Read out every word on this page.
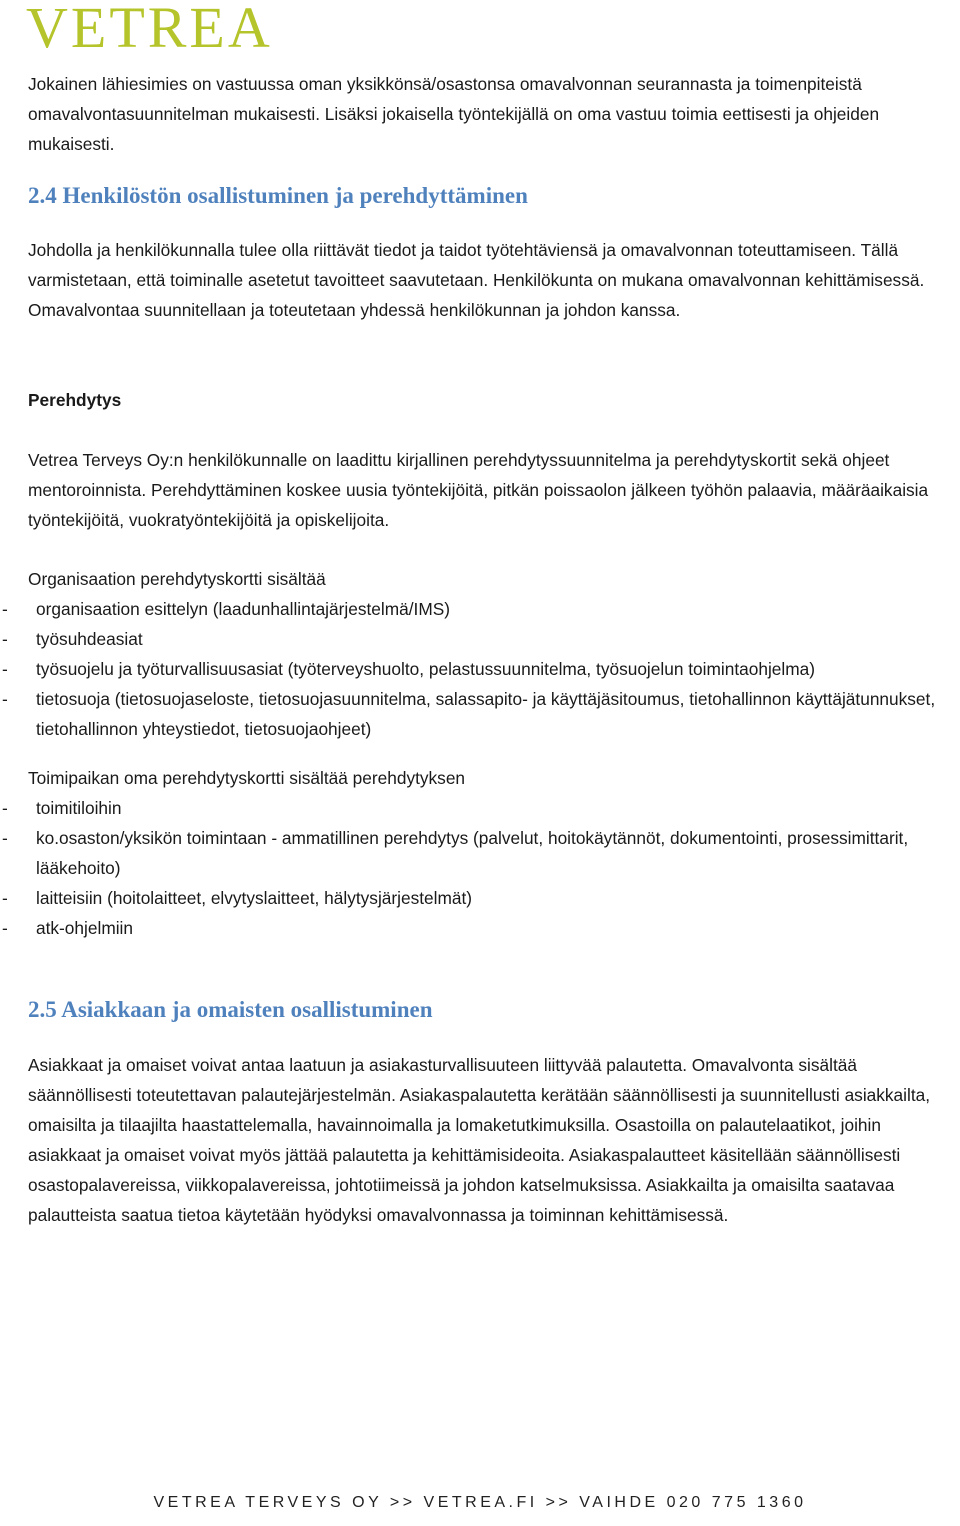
VETREA

Jokainen lähiesimies on vastuussa oman yksikkönsä/osastonsa omavalvonnan seurannasta ja toimenpiteistä omavalvontasuunnitelman mukaisesti. Lisäksi jokaisella työntekijällä on oma vastuu toimia eettisesti ja ohjeiden mukaisesti.

2.4 Henkilöstön osallistuminen ja perehdyttäminen

Johdolla ja henkilökunnalla tulee olla riittävät tiedot ja taidot työtehtäviensä ja omavalvonnan toteuttamiseen. Tällä varmistetaan, että toiminalle asetetut tavoitteet saavutetaan. Henkilökunta on mukana omavalvonnan kehittämisessä. Omavalvontaa suunnitellaan ja toteutetaan yhdessä henkilökunnan ja johdon kanssa.

Perehdytys

Vetrea Terveys Oy:n henkilökunnalle on laadittu kirjallinen perehdytyssuunnitelma ja perehdytyskortit sekä ohjeet mentoroinnista. Perehdyttäminen koskee uusia työntekijöitä, pitkän poissaolon jälkeen työhön palaavia, määräaikaisia työntekijöitä, vuokratyöntekijöitä ja opiskelijoita.

Organisaation perehdytyskortti sisältää

- organisaation esittelyn (laadunhallintajärjestelmä/IMS)
- työsuhdeasiat
- työsuojelu ja työturvallisuusasiat (työterveyshuolto, pelastussuunnitelma, työsuojelun toimintaohjelma)
- tietosuoja (tietosuojaseloste, tietosuojasuunnitelma, salassapito- ja käyttäjäsitoumus, tietohallinnon käyttäjätunnukset, tietohallinnon yhteystiedot, tietosuojaohjeet)

Toimipaikan oma perehdytyskortti sisältää perehdytyksen

- toimitiloihin
- ko.osaston/yksikön toimintaan - ammatillinen perehdytys (palvelut, hoitokäytännöt, dokumentointi, prosessimittarit, lääkehoito)
- laitteisiin (hoitolaitteet, elvytyslaitteet, hälytysjärjestelmät)
- atk-ohjelmiin
2.5 Asiakkaan ja omaisten osallistuminen

Asiakkaat ja omaiset voivat antaa laatuun ja asiakasturvallisuuteen liittyvää palautetta. Omavalvonta sisältää säännöllisesti toteutettavan palautejärjestelmän. Asiakaspalautetta kerätään säännöllisesti ja suunnitellusti asiakkailta, omaisilta ja tilaajilta haastattelemalla, havainnoimalla ja lomaketutkimuksilla. Osastoilla on palautelaatikot, joihin asiakkaat ja omaiset voivat myös jättää palautetta ja kehittämisideoita. Asiakaspalautteet käsitellään säännöllisesti osastopalavereissa, viikkopalavereissa, johtotiimeissä ja johdon katselmuksissa. Asiakkailta ja omaisilta saatavaa palautteista saatua tietoa käytetään hyödyksi omavalvonnassa ja toiminnan kehittämisessä.

VETREA TERVEYS OY >> VETREA.FI >> VAIHDE 020 775 1360
